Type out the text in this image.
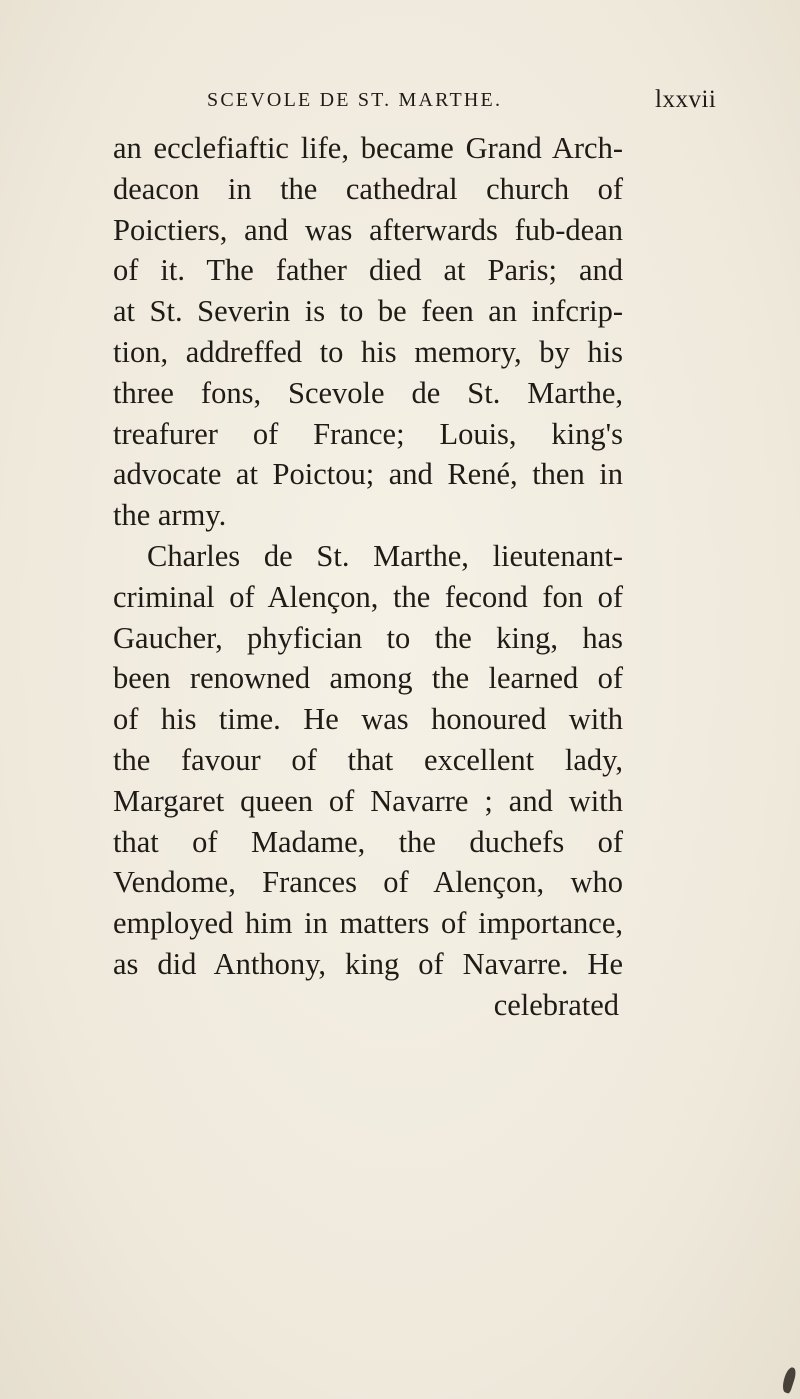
SCEVOLE DE ST. MARTHE.	lxxvii
an ecclefiaftic life, became Grand Arch-
deacon in the cathedral church of
Poictiers, and was afterwards fub-dean
of it. The father died at Paris; and
at St. Severin is to be feen an infcrip-
tion, addreffed to his memory, by his
three fons, Scevole de St. Marthe,
treafurer of France; Louis, king's
advocate at Poictou; and René, then in
the army.
Charles de St. Marthe, lieutenant-
criminal of Alençon, the fecond fon of
Gaucher, phyfician to the king, has
been renowned among the learned of
of his time. He was honoured with
the favour of that excellent lady,
Margaret queen of Navarre ; and with
that of Madame, the duchefs of
Vendome, Frances of Alençon, who
employed him in matters of importance,
as did Anthony, king of Navarre. He
celebrated
